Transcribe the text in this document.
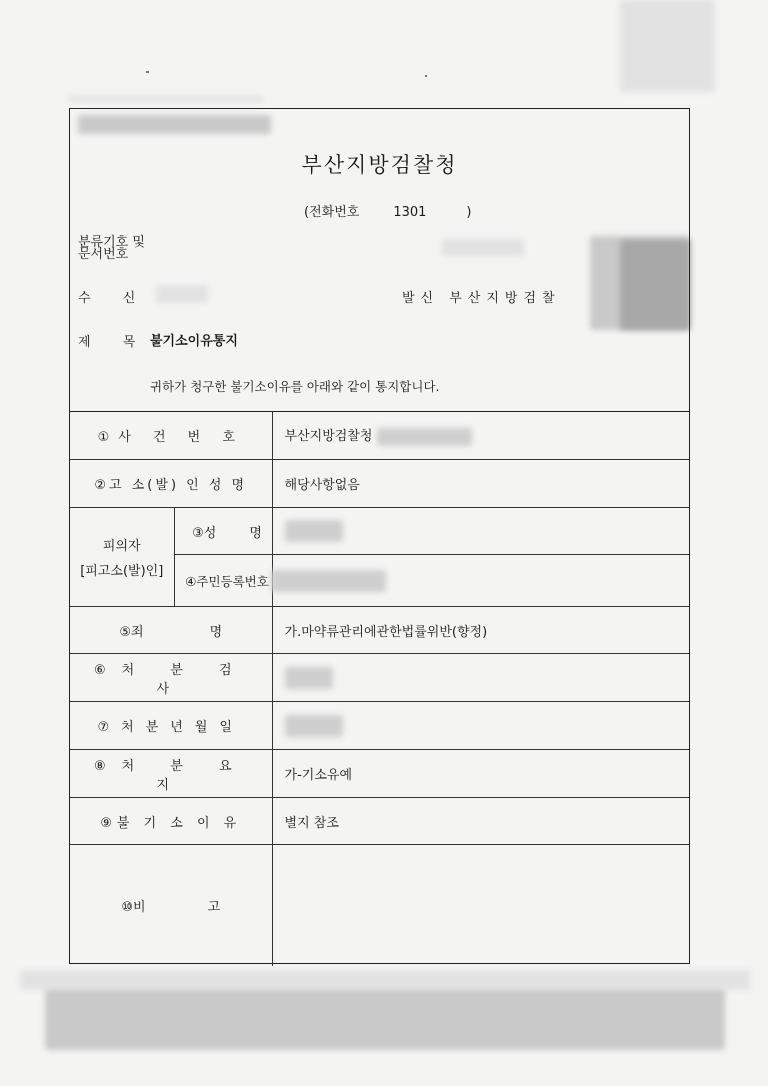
부산지방검찰청
(전화번호	1301	)
분류기호 및
문서번호
수 신	발신 부산지방검찰
제 목 불기소이유통지
귀하가 청구한 불기소이유를 아래와 같이 통지합니다.
①사 건 번 호		부산지방검찰청
②고 소(발) 인 성 명		해당사항없음

피의자
[피고소(발)인]	③성        명	
	④주민등록번호	
⑤죄                명		가.마약류관리에관한법률위반(향정)
⑥처 분 검 사		
⑦처분년월일		
⑧처 분 요 지		가-기소유예
⑨불 기 소 이 유		별지 참조
⑩비               고		
